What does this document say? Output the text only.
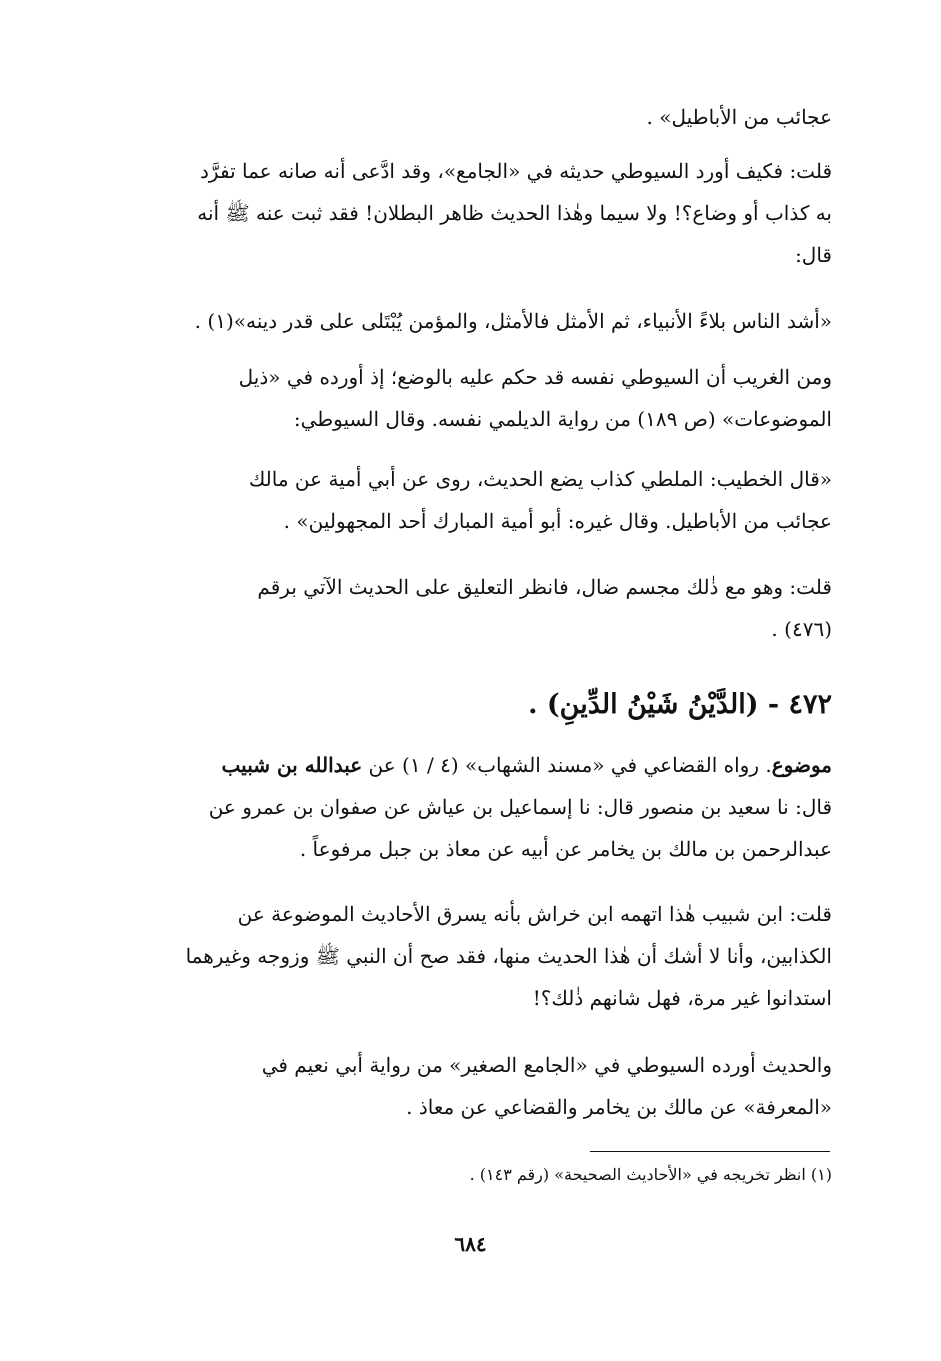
عجائب من الأباطيل» .

قلت: فكيف أورد السيوطي حديثه في «الجامع»، وقد ادَّعى أنه صانه عما تفرَّد

به كذاب أو وضاع؟! ولا سيما وهٰذا الحديث ظاهر البطلان! فقد ثبت عنه ﷺ أنه

قال:

«أشد الناس بلاءً الأنبياء، ثم الأمثل فالأمثل، والمؤمن يُبْتَلى على قدر دينه»(١) .

ومن الغريب أن السيوطي نفسه قد حكم عليه بالوضع؛ إذ أورده في «ذيل

الموضوعات» (ص ١٨٩) من رواية الديلمي نفسه. وقال السيوطي:

«قال الخطيب: الملطي كذاب يضع الحديث، روى عن أبي أمية عن مالك

عجائب من الأباطيل. وقال غيره: أبو أمية المبارك أحد المجهولين» .

قلت: وهو مع ذٰلك مجسم ضال، فانظر التعليق على الحديث الآتي برقم

(٤٧٦) .

٤٧٢ - (الدَّيْنُ شَيْنُ الدِّينِ) .

موضوع. رواه القضاعي في «مسند الشهاب» (٤ / ١) عن عبدالله بن شبيب

قال: نا سعيد بن منصور قال: نا إسماعيل بن عياش عن صفوان بن عمرو عن

عبدالرحمن بن مالك بن يخامر عن أبيه عن معاذ بن جبل مرفوعاً .

قلت: ابن شبيب هٰذا اتهمه ابن خراش بأنه يسرق الأحاديث الموضوعة عن

الكذابين، وأنا لا أشك أن هٰذا الحديث منها، فقد صح أن النبي ﷺ وزوجه وغيرهما

استدانوا غير مرة، فهل شانهم ذٰلك؟!

والحديث أورده السيوطي في «الجامع الصغير» من رواية أبي نعيم في

«المعرفة» عن مالك بن يخامر والقضاعي عن معاذ .

(١) انظر تخريجه في «الأحاديث الصحيحة» (رقم ١٤٣) .
٦٨٤
